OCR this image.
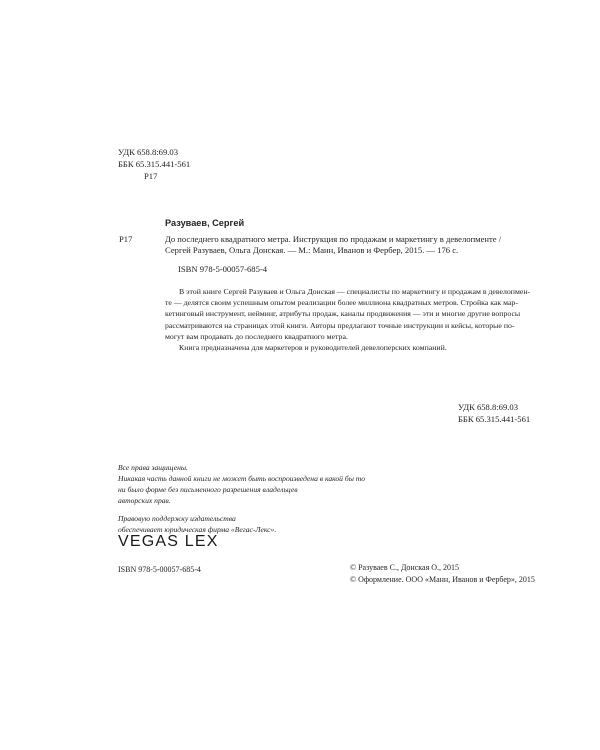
УДК 658.8:69.03
ББК 65.315.441-561
Р17
Разуваев, Сергей
Р17	До последнего квадратного метра. Инструкция по продажам и маркетингу в девелопменте /
Сергей Разуваев, Ольга Донская. — М.: Манн, Иванов и Фербер, 2015. — 176 с.
ISBN 978-5-00057-685-4
В этой книге Сергей Разуваев и Ольга Донская — специалисты по маркетингу и продажам в девелопмен-
те — делятся своим успешным опытом реализации более миллиона квадратных метров. Стройка как мар-
кетинговый инструмент, нейминг, атрибуты продаж, каналы продвижения — эти и многие другие вопросы
рассматриваются на страницах этой книги. Авторы предлагают точные инструкции и кейсы, которые по-
могут вам продавать до последнего квадратного метра.
Книга предназначена для маркетеров и руководителей девелоперских компаний.
УДК 658.8:69.03
ББК 65.315.441-561
Все права защищены.
Никакая часть данной книги не может быть воспроизведена в какой бы то
ни было форме без письменного разрешения владельцев
авторских прав.
Правовую поддержку издательства
обеспечивает юридическая фирма «Вегас-Лекс».
VEGAS LEX
ISBN 978-5-00057-685-4	© Разуваев С., Донская О., 2015
© Оформление. ООО «Манн, Иванов и Фербер», 2015
